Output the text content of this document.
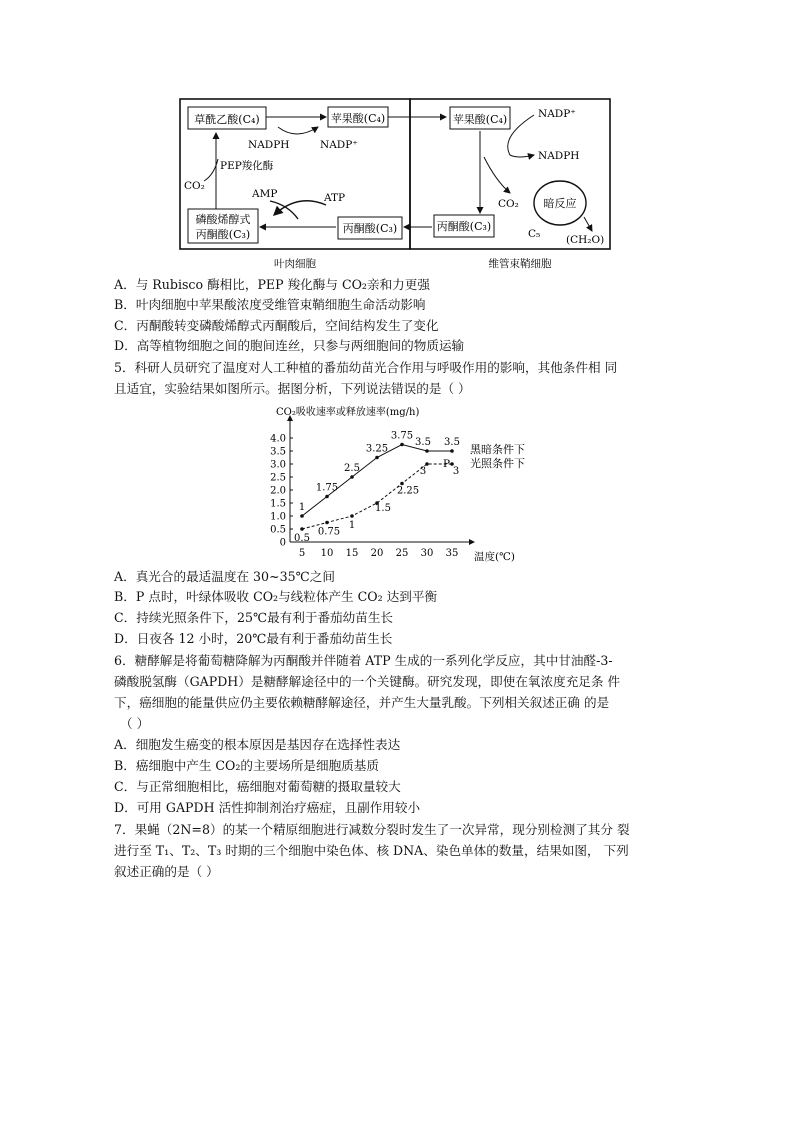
草酰乙酸(C₄)	苹果酸(C₄)
NADPH	NADP⁺
PEP羧化酶
CO₂
磷酸烯醇式
丙酮酸(C₃)
AMP	ATP
丙酮酸(C₃)
苹果酸(C₄)	NADP⁺
NADPH
CO₂ 暗反应
C₅ (CH₂O)
丙酮酸(C₃)
叶肉细胞	维管束鞘细胞
A．与 Rubisco 酶相比，PEP 羧化酶与 CO₂亲和力更强
B．叶肉细胞中苹果酸浓度受维管束鞘细胞生命活动影响
C．丙酮酸转变磷酸烯醇式丙酮酸后，空间结构发生了变化
D．高等植物细胞之间的胞间连丝，只参与两细胞间的物质运输
5．科研人员研究了温度对人工种植的番茄幼苗光合作用与呼吸作用的影响，其他条件相 同
且适宜，实验结果如图所示。据图分析，下列说法错误的是（ ）
CO₂吸收速率或释放速率(mg/h)
4.0
3.5
3.0
2.5
2.0
1.5
1.0
0.5
0
5 10 15 20 25 30 35
1
1.75
2.5
3.25
3.75
3.5 3.5
0.5
0.75
1
1.5
2.25
3	3
温度(℃)
黑暗条件下
光照条件下
P
A．真光合的最适温度在 30~35℃之间
B．P 点时，叶绿体吸收 CO₂与线粒体产生 CO₂ 达到平衡
C．持续光照条件下，25℃最有利于番茄幼苗生长
D．日夜各 12 小时，20℃最有利于番茄幼苗生长
6．糖酵解是将葡萄糖降解为丙酮酸并伴随着 ATP 生成的一系列化学反应，其中甘油醛-3-
磷酸脱氢酶（GAPDH）是糖酵解途径中的一个关键酶。研究发现，即使在氧浓度充足条 件
下，癌细胞的能量供应仍主要依赖糖酵解途径，并产生大量乳酸。下列相关叙述正确 的是
（ ）
A．细胞发生癌变的根本原因是基因存在选择性表达
B．癌细胞中产生 CO₂的主要场所是细胞质基质
C．与正常细胞相比，癌细胞对葡萄糖的摄取量较大
D．可用 GAPDH 活性抑制剂治疗癌症，且副作用较小
7．果蝇（2N=8）的某一个精原细胞进行减数分裂时发生了一次异常，现分别检测了其分 裂
进行至 T₁、T₂、T₃ 时期的三个细胞中染色体、核 DNA、染色单体的数量，结果如图， 下列
叙述正确的是（ ）
